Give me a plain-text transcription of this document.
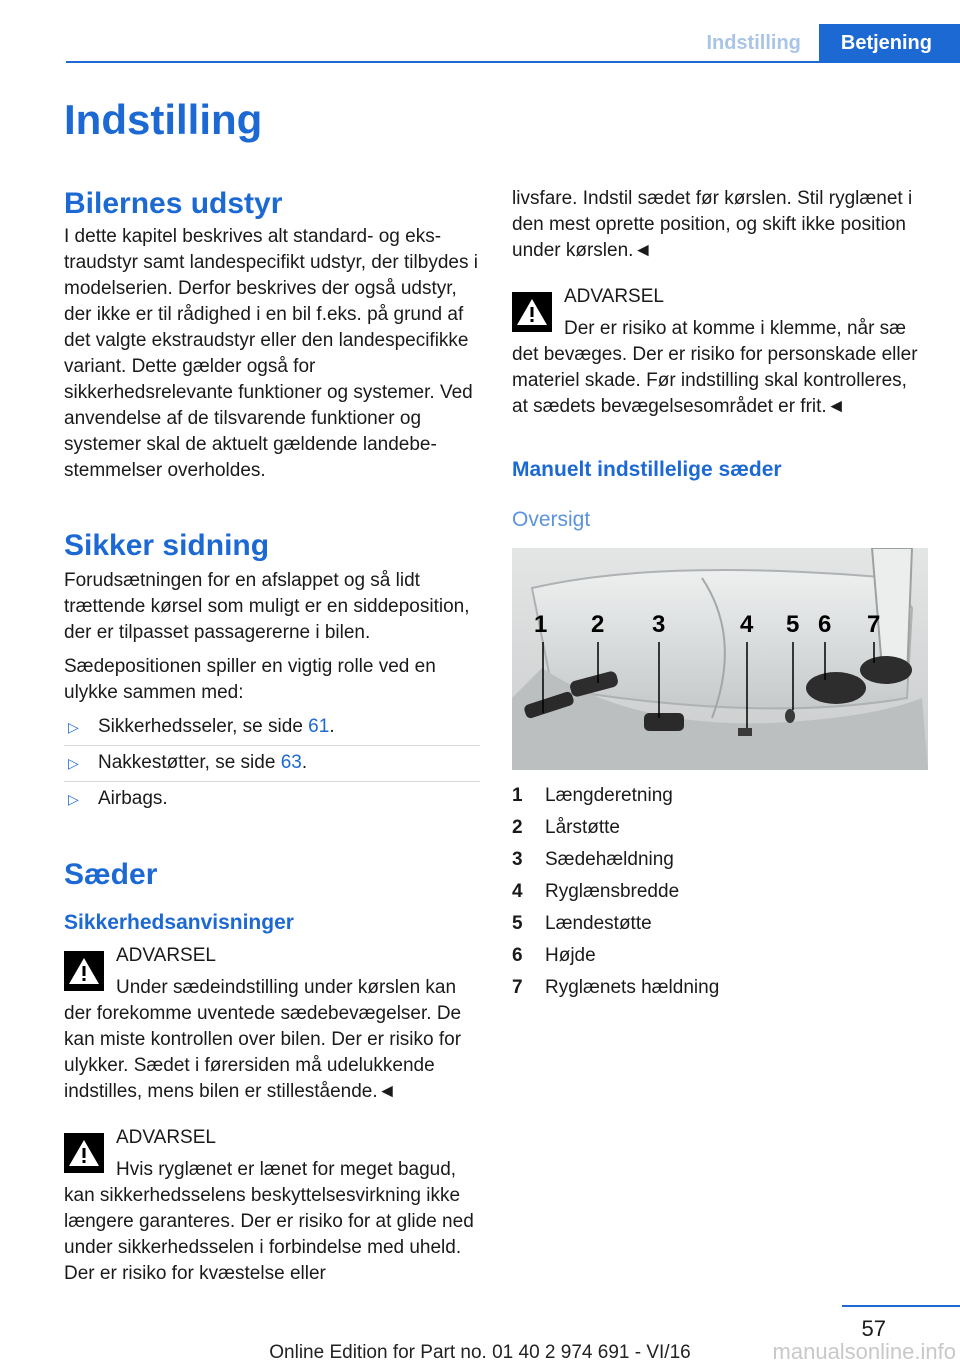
Indstilling	Betjening
Indstilling
Bilernes udstyr

I dette kapitel beskrives alt standard- og ekstraudstyr samt landespecifikt udstyr, der tilbydes i modelserien. Derfor beskrives der også udstyr, der ikke er til rådighed i en bil f.eks. på grund af det valgte ekstraudstyr eller den landespecifikke variant. Dette gælder også for sikkerhedsrelevante funktioner og systemer. Ved anvendelse af de tilsvarende funktioner og systemer skal de aktuelt gældende landebestemmelser overholdes.

Sikker sidning

Forudsætningen for en afslappet og så lidt trættende kørsel som muligt er en siddeposition, der er tilpasset passagererne i bilen.

Sædepositionen spiller en vigtig rolle ved en ulykke sammen med:

▷ Sikkerhedsseler, se side 61.
▷ Nakkestøtter, se side 63.
▷ Airbags.
Sæder
Sikkerhedsanvisninger
ADVARSEL
Under sædeindstilling under kørslen kan

der forekomme uventede sædebevægelser. De kan miste kontrollen over bilen. Der er risiko for ulykker. Sædet i førersiden må udelukkende indstilles, mens bilen er stillestående.◄

ADVARSEL
Hvis ryglænet er lænet for meget bagud,

kan sikkerhedsselens beskyttelsesvirkning ikke længere garanteres. Der er risiko for at glide ned under sikkerhedsselen i forbindelse med uheld. Der er risiko for kvæstelse eller

livsfare. Indstil sædet før kørslen. Stil ryglænet i den mest oprette position, og skift ikke position under kørslen.◄

ADVARSEL
Der er risiko at komme i klemme, når sæ

det bevæges. Der er risiko for personskade eller materiel skade. Før indstilling skal kontrolleres, at sædets bevægelsesområdet er frit.◄

Manuelt indstillelige sæder
Oversigt
1 2 3	4 5 6 7
1	Længderetning
2	Lårstøtte
3	Sædehældning
4	Ryglænsbredde
5	Lændestøtte
6	Højde
7	Ryglænets hældning
57
Online Edition for Part no. 01 40 2 974 691 - VI/16	manualsonline.info
